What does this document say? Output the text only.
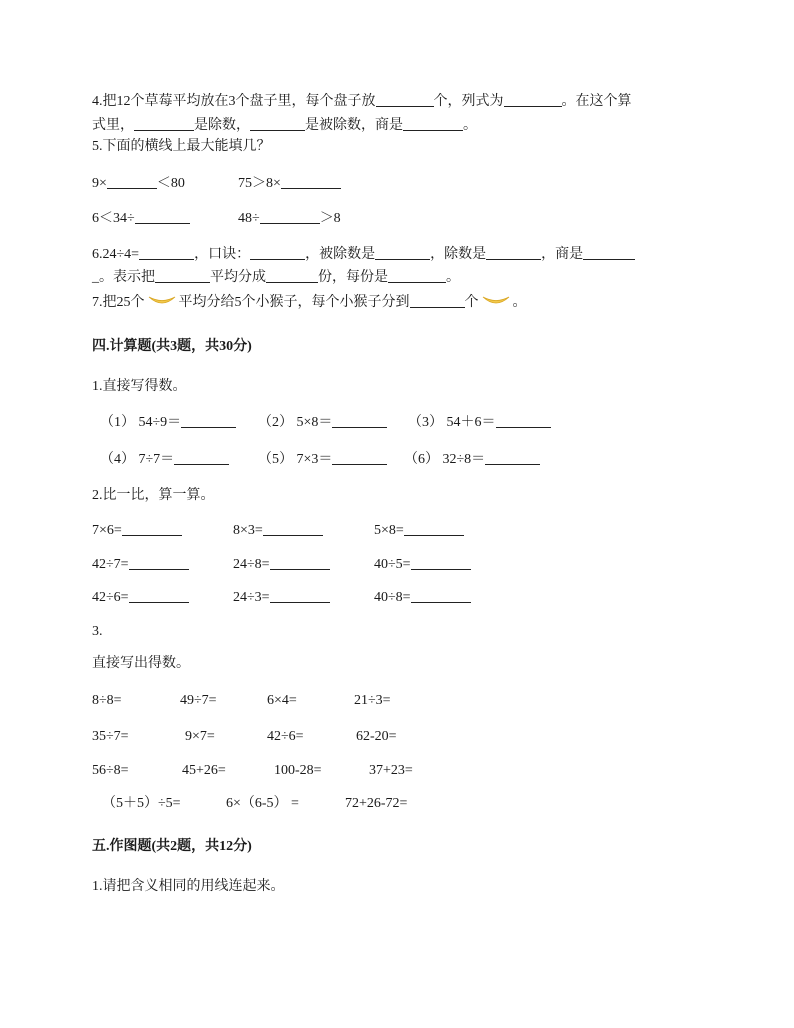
4.把12个草莓平均放在3个盘子里，每个盘子放	个，列式为	。在这个算
式里，	是除数，	是被除数，商是	。
5.下面的横线上最大能填几？
9×	＜80	75＞8×
6＜34÷	48÷	＞8
6.24÷4=	，口诀：	，被除数是	，除数是	，商是
_。表示把	平均分成	份，每份是	。
7.把25个 平均分给5个小猴子，每个小猴子分到	个 。
四.计算题(共3题，共30分)
1.直接写得数。
（1） 54÷9＝	（2） 5×8＝	（3） 54＋6＝
（4） 7÷7＝	（5） 7×3＝	（6） 32÷8＝
2.比一比，算一算。
7×6=	8×3=	5×8=
42÷7=	24÷8=	40÷5=
42÷6=	24÷3=	40÷8=
3.
直接写出得数。
8÷8=	49÷7=	6×4=	21÷3=
35÷7=	9×7=	42÷6=	62-20=
56÷8=	45+26=	100-28=	37+23=
（5＋5）÷5=	6×（6-5） =	72+26-72=
五.作图题(共2题，共12分)
1.请把含义相同的用线连起来。
